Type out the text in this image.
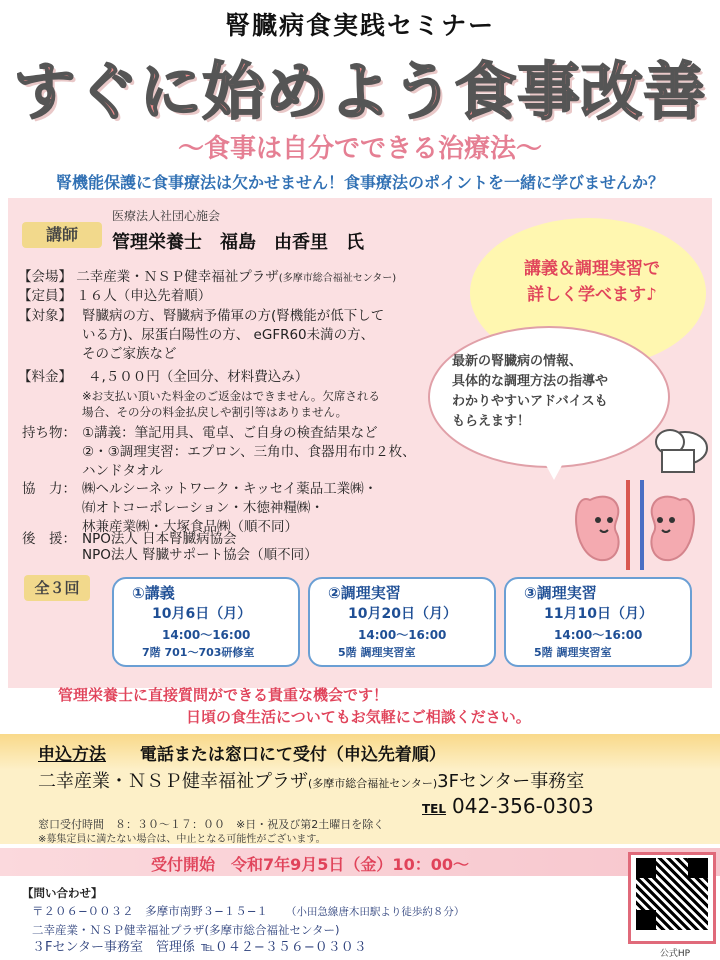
腎臓病食実践セミナー
すぐに始めよう食事改善
〜食事は自分でできる治療法〜
腎機能保護に食事療法は欠かせません！食事療法のポイントを一緒に学びませんか？
講師
医療法人社団心施会
管理栄養士　福島　由香里　氏
【会場】 二幸産業・ＮＳＰ健幸福祉プラザ(多摩市総合福祉センター)
【定員】 １６人（申込先着順）
【対象】 腎臓病の方、腎臓病予備軍の方(腎機能が低下して
いる方)、尿蛋白陽性の方、 eGFR60未満の方、
そのご家族など
【料金】 ４,５００円（全回分、材料費込み）
※お支払い頂いた料金のご返金はできません。欠席される
場合、その分の料金払戻しや割引等はありません。
持ち物： ①講義：筆記用具、電卓、ご自身の検査結果など
②・③調理実習：エプロン、三角巾、食器用布巾２枚、
ハンドタオル
協　力： ㈱ヘルシーネットワーク・キッセイ薬品工業㈱・
㈲オトコーポレーション・木徳神糧㈱・
林兼産業㈱・大塚食品㈱（順不同）
後　援： NPO法人 日本腎臓病協会
NPO法人 腎臓サポート協会（順不同）
講義＆調理実習で
詳しく学べます♪
最新の腎臓病の情報、
具体的な調理方法の指導や
わかりやすいアドバイスも
もらえます！
全３回	①講義
10月6日（月）
14:00〜16:00
7階 701〜703研修室
②調理実習
10月20日（月）
14:00〜16:00
5階 調理実習室
③調理実習
11月10日（月）
14:00〜16:00
5階 調理実習室
管理栄養士に直接質問ができる貴重な機会です！
日頃の食生活についてもお気軽にご相談ください。
申込方法 電話または窓口にて受付（申込先着順）
二幸産業・ＮＳＰ健幸福祉プラザ(多摩市総合福祉センター)3Fセンター事務室
TEL 042-356-0303
窓口受付時間　８：３０〜１７：００　※日・祝及び第2土曜日を除く
※募集定員に満たない場合は、中止となる可能性がございます。
受付開始　令和7年9月5日（金）10：00〜
【問い合わせ】
〒２０６−００３２　多摩市南野３−１５−１ （小田急線唐木田駅より徒歩約８分）
二幸産業・ＮＳＰ健幸福祉プラザ(多摩市総合福祉センター)
３Fセンター事務室　管理係 ℡０４２−３５６−０３０３	公式HP
